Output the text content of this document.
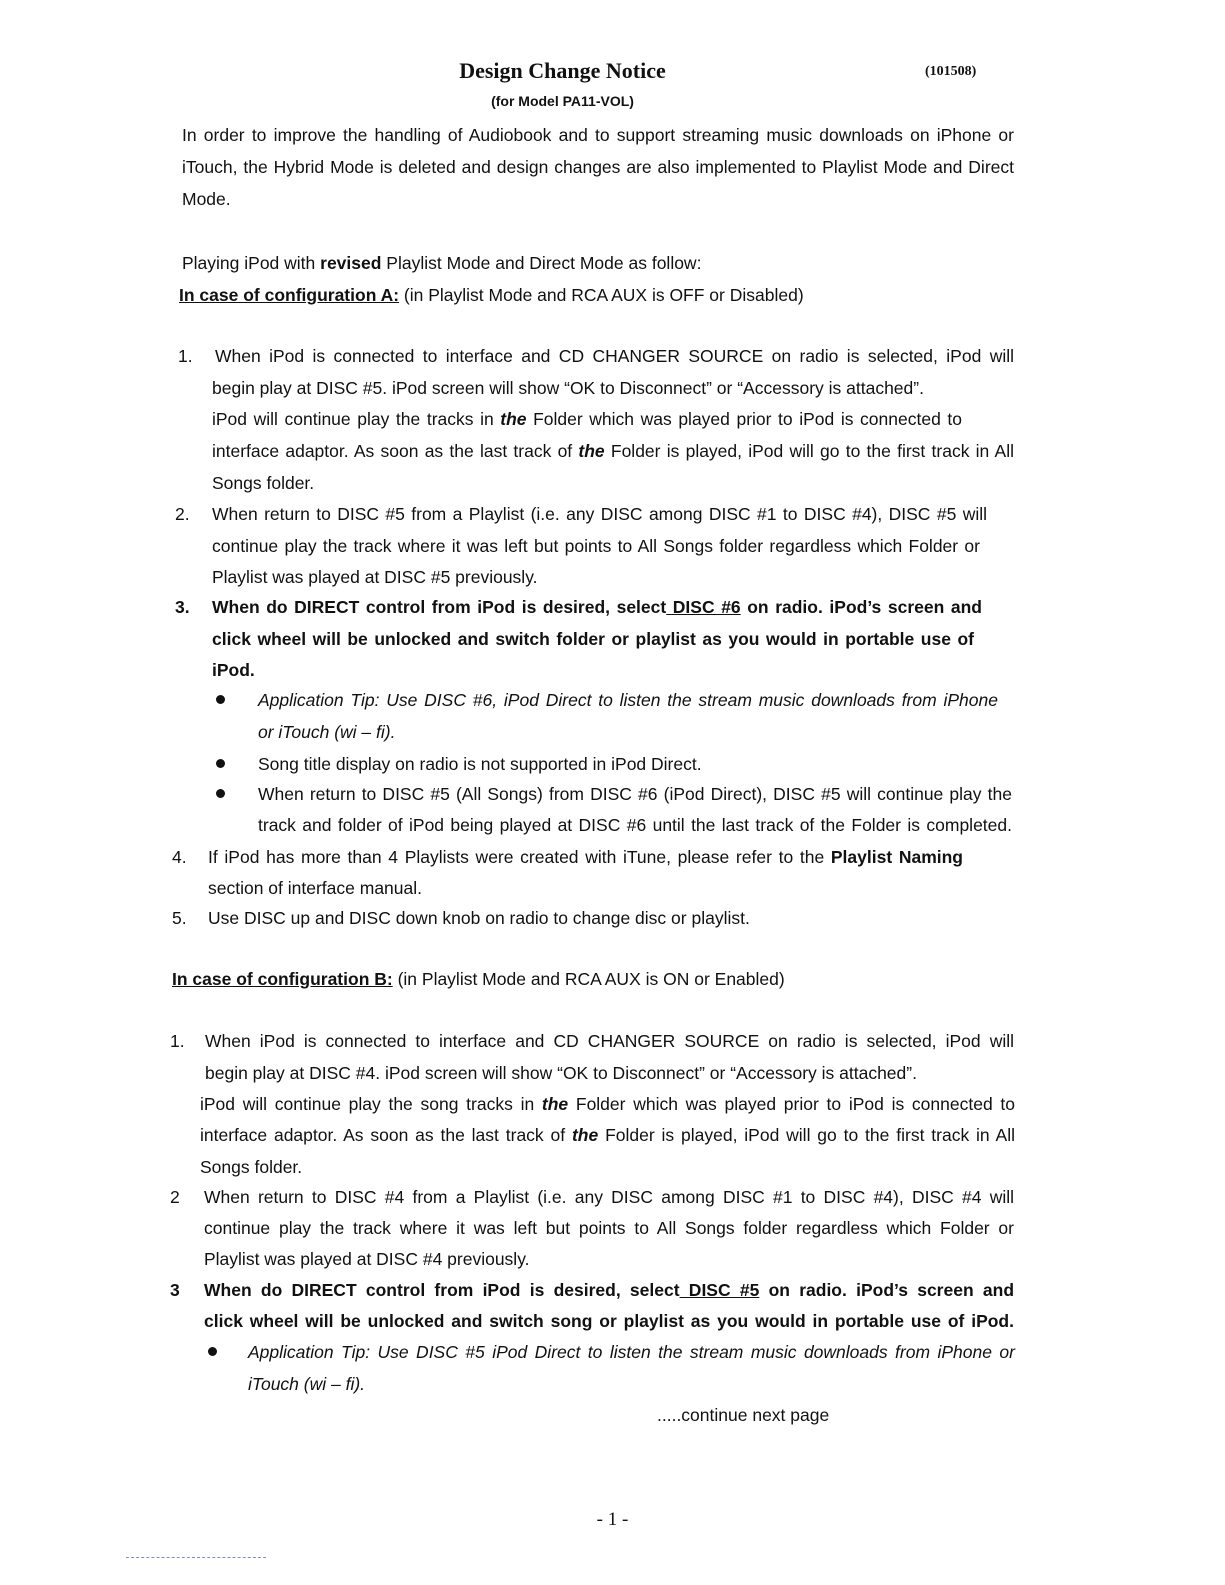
Design Change Notice	(101508)
(for Model PA11-VOL)
In order to improve the handling of Audiobook and to support streaming music downloads on iPhone or
iTouch, the Hybrid Mode is deleted and design changes are also implemented to Playlist Mode and Direct
Mode.
Playing iPod with revised Playlist Mode and Direct Mode as follow:
In case of configuration A: (in Playlist Mode and RCA AUX is OFF or Disabled)
1. When iPod is connected to interface and CD CHANGER SOURCE on radio is selected, iPod will
begin play at DISC #5. iPod screen will show “OK to Disconnect” or “Accessory is attached”.
iPod will continue play the tracks in the Folder which was played prior to iPod is connected to
interface adaptor. As soon as the last track of the Folder is played, iPod will go to the first track in All
Songs folder.
2. When return to DISC #5 from a Playlist (i.e. any DISC among DISC #1 to DISC #4), DISC #5 will
continue play the track where it was left but points to All Songs folder regardless which Folder or
Playlist was played at DISC #5 previously.
3. When do DIRECT control from iPod is desired, select DISC #6 on radio. iPod’s screen and
click wheel will be unlocked and switch folder or playlist as you would in portable use of
iPod.
Application Tip: Use DISC #6, iPod Direct to listen the stream music downloads from iPhone
or iTouch (wi – fi).
Song title display on radio is not supported in iPod Direct.
When return to DISC #5 (All Songs) from DISC #6 (iPod Direct), DISC #5 will continue play the
track and folder of iPod being played at DISC #6 until the last track of the Folder is completed.
4. If iPod has more than 4 Playlists were created with iTune, please refer to the Playlist Naming
section of interface manual.
5. Use DISC up and DISC down knob on radio to change disc or playlist.
In case of configuration B: (in Playlist Mode and RCA AUX is ON or Enabled)
1. When iPod is connected to interface and CD CHANGER SOURCE on radio is selected, iPod will
begin play at DISC #4. iPod screen will show “OK to Disconnect” or “Accessory is attached”.
iPod will continue play the song tracks in the Folder which was played prior to iPod is connected to
interface adaptor. As soon as the last track of the Folder is played, iPod will go to the first track in All
Songs folder.
2 When return to DISC #4 from a Playlist (i.e. any DISC among DISC #1 to DISC #4), DISC #4 will
continue play the track where it was left but points to All Songs folder regardless which Folder or
Playlist was played at DISC #4 previously.
3 When do DIRECT control from iPod is desired, select DISC #5 on radio. iPod’s screen and
click wheel will be unlocked and switch song or playlist as you would in portable use of iPod.
Application Tip: Use DISC #5 iPod Direct to listen the stream music downloads from iPhone or
iTouch (wi – fi).
.....continue next page
- 1 -
